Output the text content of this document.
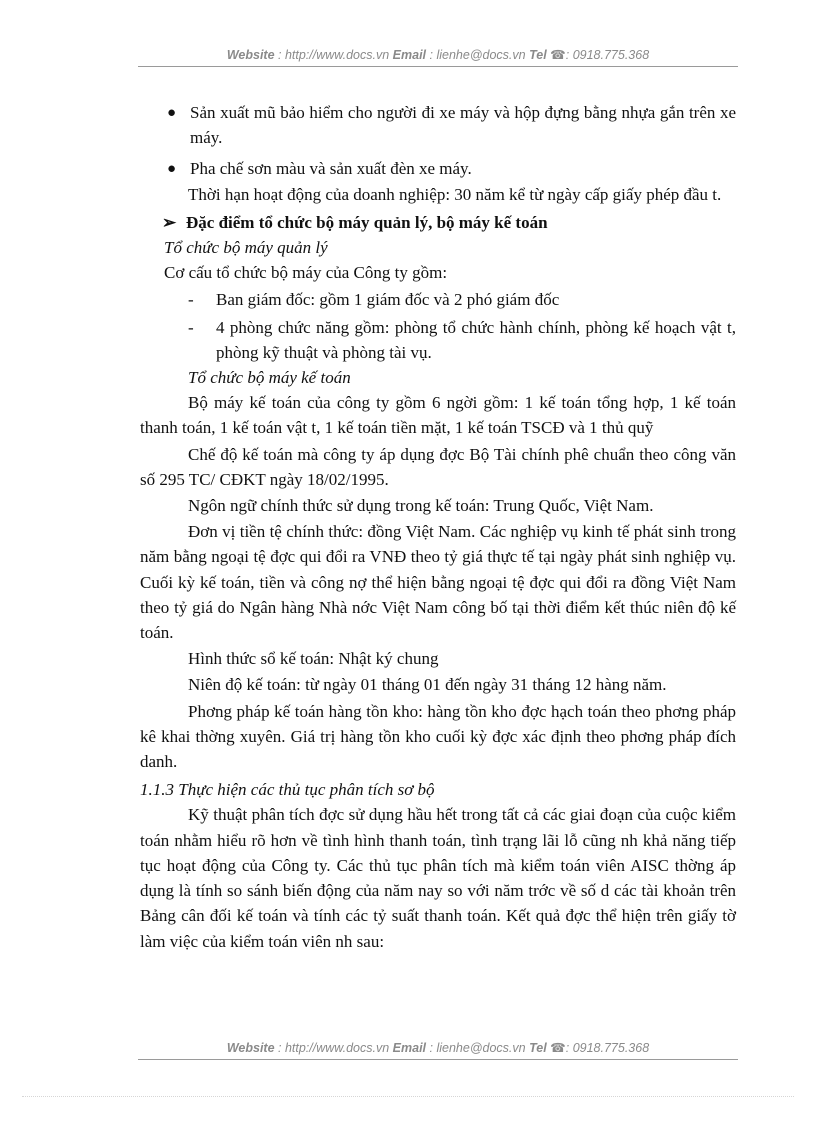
Website : http://www.docs.vn Email : lienhe@docs.vn Tel ☎: 0918.775.368

● Sản xuất mũ bảo hiểm cho người đi xe máy và hộp đựng bằng nhựa gắn trên xe máy.

● Pha chế sơn màu và sản xuất đèn xe máy.

Thời hạn hoạt động của doanh nghiệp: 30 năm kể từ ngày cấp giấy phép đầu t.

➢ Đặc điểm tổ chức bộ máy quản lý, bộ máy kế toán

Tổ chức bộ máy quản lý

Cơ cấu tổ chức bộ máy của Công ty gồm:

- Ban giám đốc: gồm 1 giám đốc và 2 phó giám đốc

- 4 phòng chức năng gồm: phòng tổ chức hành chính, phòng kế hoạch vật t, phòng kỹ thuật và phòng tài vụ.

Tổ chức bộ máy kế toán

Bộ máy kế toán của công ty gồm 6 ngời gồm: 1 kế toán tổng hợp, 1 kế toán thanh toán, 1 kế toán vật t, 1 kế toán tiền mặt, 1 kế toán TSCĐ và 1 thủ quỹ

Chế độ kế toán mà công ty áp dụng đợc Bộ Tài chính phê chuẩn theo công văn số 295 TC/ CĐKT ngày 18/02/1995.

Ngôn ngữ chính thức sử dụng trong kế toán: Trung Quốc, Việt Nam.

Đơn vị tiền tệ chính thức: đồng Việt Nam. Các nghiệp vụ kinh tế phát sinh trong năm bằng ngoại tệ đợc qui đổi ra VNĐ theo tỷ giá thực tế tại ngày phát sinh nghiệp vụ. Cuối kỳ kế toán, tiền và công nợ thể hiện bằng ngoại tệ đợc qui đổi ra đồng Việt Nam theo tỷ giá do Ngân hàng Nhà nớc Việt Nam công bố tại thời điểm kết thúc niên độ kế toán.

Hình thức sổ kế toán: Nhật ký chung

Niên độ kế toán: từ ngày 01 tháng 01 đến ngày 31 tháng 12 hàng năm.

Phơng pháp kế toán hàng tồn kho: hàng tồn kho đợc hạch toán theo phơng pháp kê khai thờng xuyên. Giá trị hàng tồn kho cuối kỳ đợc xác định theo phơng pháp đích danh.

1.1.3 Thực hiện các thủ tục phân tích sơ bộ

Kỹ thuật phân tích đợc sử dụng hầu hết trong tất cả các giai đoạn của cuộc kiểm toán nhằm hiểu rõ hơn về tình hình thanh toán, tình trạng lãi lỗ cũng nh khả năng tiếp tục hoạt động của Công ty. Các thủ tục phân tích mà kiểm toán viên AISC thờng áp dụng là tính so sánh biến động của năm nay so với năm trớc về số d các tài khoản trên Bảng cân đối kế toán và tính các tỷ suất thanh toán. Kết quả đợc thể hiện trên giấy tờ làm việc của kiểm toán viên nh sau:

Website : http://www.docs.vn Email : lienhe@docs.vn Tel ☎: 0918.775.368
